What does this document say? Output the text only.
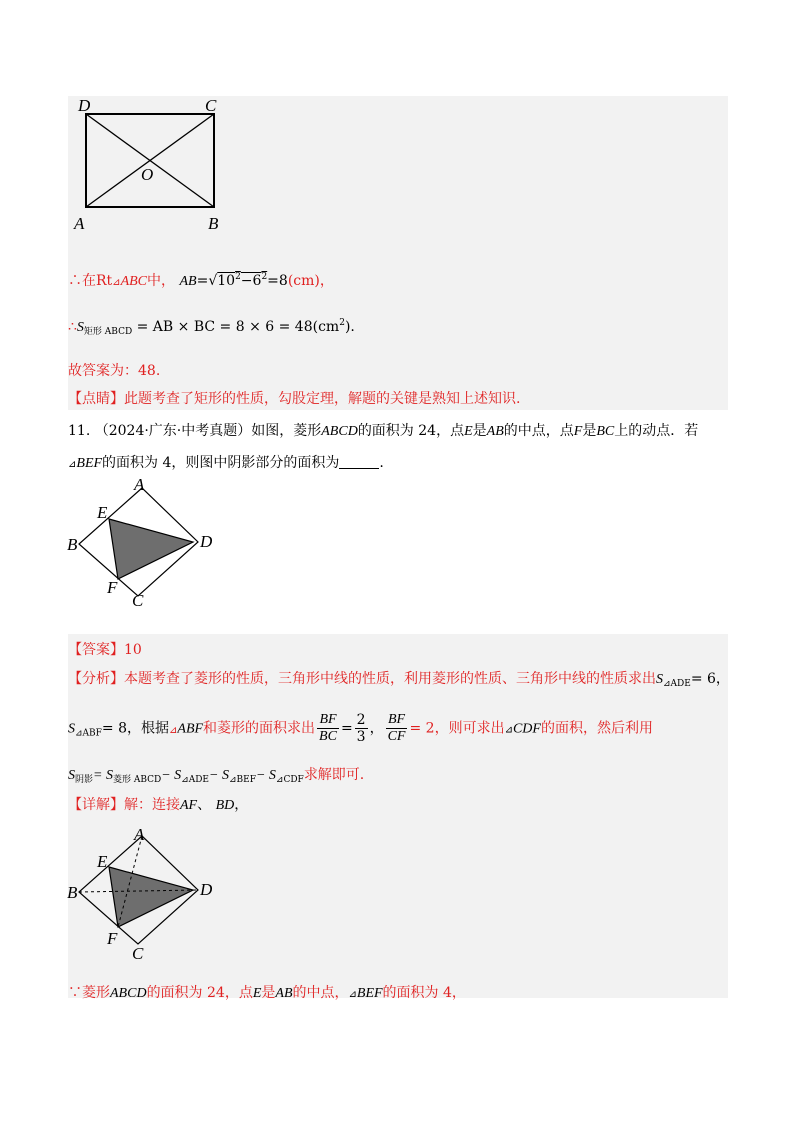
D	C
O
A	B
∴在Rt⊿ABC中， $AB=√10^2-6^2=8(cm)$，
$\therefore S_{矩形 ABCD}$ = AB × BC = $8 \times 6 = 48(cm^2)$.
故答案为：48.
【点睛】此题考查了矩形的性质，勾股定理，解题的关键是熟知上述知识.
11. （2024·广东·中考真题）如图，菱形ABCD的面积为 24，点E是AB的中点，点F是BC上的动点．若
⊿BEF的面积为 4，则图中阴影部分的面积为	.
A
E
B	D
F
C
【答案】10
【分析】本题考查了菱形的性质，三角形中线的性质，利用菱形的性质、三角形中线的性质求出$S_{⊿ADE}= 6$，
$S_{⊿ABF}= 8$，根据⊿ABF和菱形的面积求出 $\frac{BF}{BC} = \frac{2}{3}$ ， $\frac{BF}{CF} = 2$，则可求出⊿CDF的面积，然后利用
$S_{阴影}= S_{菱形 ABCD}- S_{⊿ADE}- S_{⊿BEF}- S_{⊿CDF}$求解即可.
【详解】解：连接AF、 BD，
A
E
B	D
F
C
∵菱形ABCD的面积为 24，点E是AB的中点，⊿BEF的面积为 4，
